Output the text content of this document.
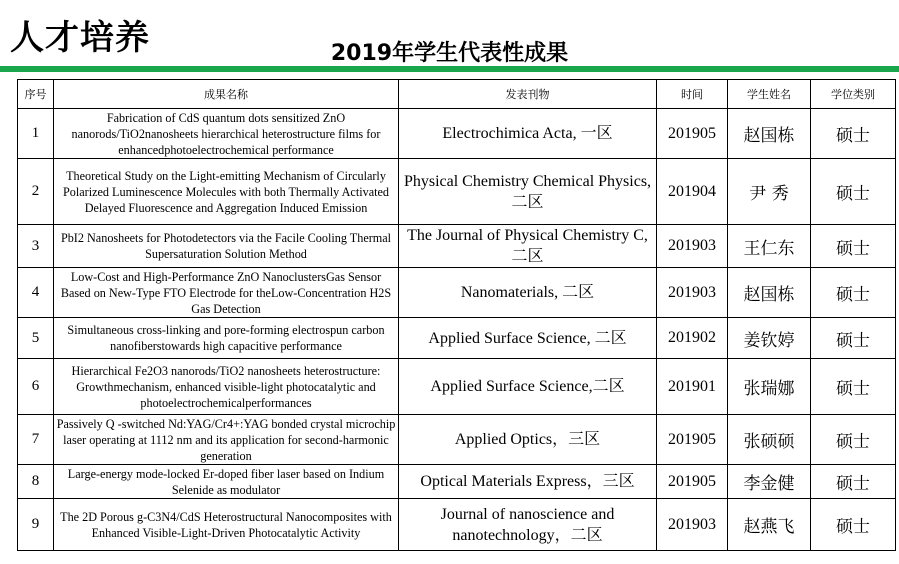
人才培养	2019年学生代表性成果
序号	成果名称	发表刊物	时间	学生姓名	学位类别
1	Fabrication of CdS quantum dots sensitized ZnO nanorods/TiO2nanosheets hierarchical heterostructure films for enhancedphotoelectrochemical performance	Electrochimica Acta, 一区	201905	赵国栋	硕士
2	Theoretical Study on the Light-emitting Mechanism of Circularly Polarized Luminescence Molecules with both Thermally Activated Delayed Fluorescence and Aggregation Induced Emission	Physical Chemistry Chemical Physics, 二区	201904	尹 秀	硕士
3	PbI2 Nanosheets for Photodetectors via the Facile Cooling Thermal Supersaturation Solution Method	The Journal of Physical Chemistry C, 二区	201903	王仁东	硕士
4	Low-Cost and High-Performance ZnO NanoclustersGas Sensor Based on New-Type FTO Electrode for theLow-Concentration H2S Gas Detection	Nanomaterials, 二区	201903	赵国栋	硕士
5	Simultaneous cross-linking and pore-forming electrospun carbon nanofiberstowards high capacitive performance	Applied Surface Science, 二区	201902	姜钦婷	硕士
6	Hierarchical Fe2O3 nanorods/TiO2 nanosheets heterostructure: Growthmechanism, enhanced visible-light photocatalytic and photoelectrochemicalperformances	Applied Surface Science,二区	201901	张瑞娜	硕士
7	Passively Q -switched Nd:YAG/Cr4+:YAG bonded crystal microchip laser operating at 1112 nm and its application for second-harmonic generation	Applied Optics，三区	201905	张硕硕	硕士
8	Large-energy mode-locked Er-doped fiber laser based on Indium Selenide as modulator	Optical Materials Express，三区	201905	李金健	硕士
9	The 2D Porous g-C3N4/CdS Heterostructural Nanocomposites with Enhanced Visible-Light-Driven Photocatalytic Activity	Journal of nanoscience and nanotechnology，二区	201903	赵燕飞	硕士
